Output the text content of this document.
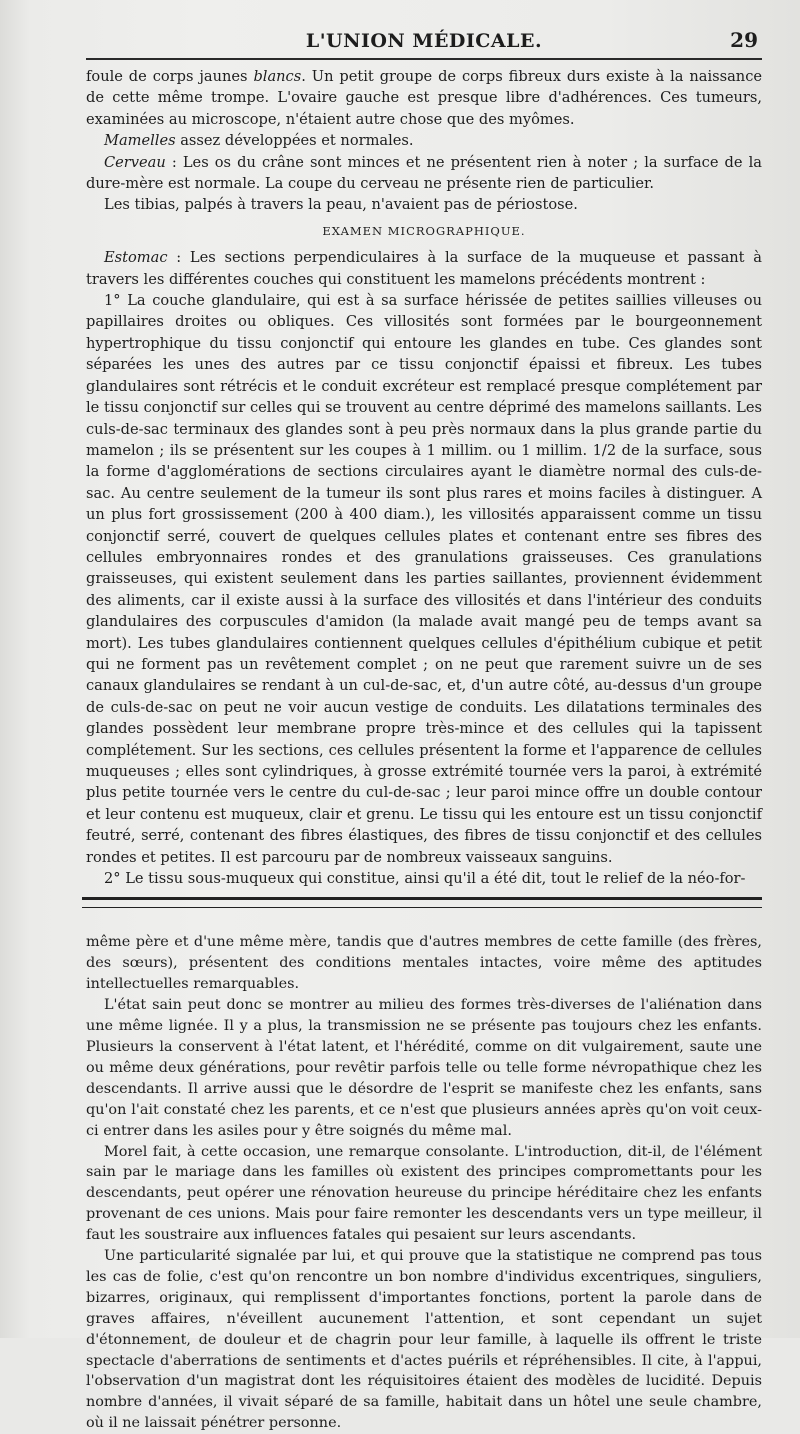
L'UNION MÉDICALE.	29

foule de corps jaunes blancs. Un petit groupe de corps fibreux durs existe à la naissance de cette même trompe. L'ovaire gauche est presque libre d'adhérences. Ces tumeurs, examinées au microscope, n'étaient autre chose que des myômes.

Mamelles assez développées et normales.

Cerveau : Les os du crâne sont minces et ne présentent rien à noter ; la surface de la dure-mère est normale. La coupe du cerveau ne présente rien de particulier.

Les tibias, palpés à travers la peau, n'avaient pas de périostose.

EXAMEN MICROGRAPHIQUE.

Estomac : Les sections perpendiculaires à la surface de la muqueuse et passant à travers les différentes couches qui constituent les mamelons précédents montrent :

1° La couche glandulaire, qui est à sa surface hérissée de petites saillies villeuses ou papillaires droites ou obliques. Ces villosités sont formées par le bourgeonnement hypertrophique du tissu conjonctif qui entoure les glandes en tube. Ces glandes sont séparées les unes des autres par ce tissu conjonctif épaissi et fibreux. Les tubes glandulaires sont rétrécis et le conduit excréteur est remplacé presque complétement par le tissu conjonctif sur celles qui se trouvent au centre déprimé des mamelons saillants. Les culs-de-sac terminaux des glandes sont à peu près normaux dans la plus grande partie du mamelon ; ils se présentent sur les coupes à 1 millim. ou 1 millim. 1/2 de la surface, sous la forme d'agglomérations de sections circulaires ayant le diamètre normal des culs-de-sac. Au centre seulement de la tumeur ils sont plus rares et moins faciles à distinguer. A un plus fort grossissement (200 à 400 diam.), les villosités apparaissent comme un tissu conjonctif serré, couvert de quelques cellules plates et contenant entre ses fibres des cellules embryonnaires rondes et des granulations graisseuses. Ces granulations graisseuses, qui existent seulement dans les parties saillantes, proviennent évidemment des aliments, car il existe aussi à la surface des villosités et dans l'intérieur des conduits glandulaires des corpuscules d'amidon (la malade avait mangé peu de temps avant sa mort). Les tubes glandulaires contiennent quelques cellules d'épithélium cubique et petit qui ne forment pas un revêtement complet ; on ne peut que rarement suivre un de ses canaux glandulaires se rendant à un cul-de-sac, et, d'un autre côté, au-dessus d'un groupe de culs-de-sac on peut ne voir aucun vestige de conduits. Les dilatations terminales des glandes possèdent leur membrane propre très-mince et des cellules qui la tapissent complétement. Sur les sections, ces cellules présentent la forme et l'apparence de cellules muqueuses ; elles sont cylindriques, à grosse extrémité tournée vers la paroi, à extrémité plus petite tournée vers le centre du cul-de-sac ; leur paroi mince offre un double contour et leur contenu est muqueux, clair et grenu. Le tissu qui les entoure est un tissu conjonctif feutré, serré, contenant des fibres élastiques, des fibres de tissu conjonctif et des cellules rondes et petites. Il est parcouru par de nombreux vaisseaux sanguins.

2° Le tissu sous-muqueux qui constitue, ainsi qu'il a été dit, tout le relief de la néo-for-

même père et d'une même mère, tandis que d'autres membres de cette famille (des frères, des sœurs), présentent des conditions mentales intactes, voire même des aptitudes intellectuelles remarquables.

L'état sain peut donc se montrer au milieu des formes très-diverses de l'aliénation dans une même lignée. Il y a plus, la transmission ne se présente pas toujours chez les enfants. Plusieurs la conservent à l'état latent, et l'hérédité, comme on dit vulgairement, saute une ou même deux générations, pour revêtir parfois telle ou telle forme névropathique chez les descendants. Il arrive aussi que le désordre de l'esprit se manifeste chez les enfants, sans qu'on l'ait constaté chez les parents, et ce n'est que plusieurs années après qu'on voit ceux-ci entrer dans les asiles pour y être soignés du même mal.

Morel fait, à cette occasion, une remarque consolante. L'introduction, dit-il, de l'élément sain par le mariage dans les familles où existent des principes compromettants pour les descendants, peut opérer une rénovation heureuse du principe héréditaire chez les enfants provenant de ces unions. Mais pour faire remonter les descendants vers un type meilleur, il faut les soustraire aux influences fatales qui pesaient sur leurs ascendants.

Une particularité signalée par lui, et qui prouve que la statistique ne comprend pas tous les cas de folie, c'est qu'on rencontre un bon nombre d'individus excentriques, singuliers, bizarres, originaux, qui remplissent d'importantes fonctions, portent la parole dans de graves affaires, n'éveillent aucunement l'attention, et sont cependant un sujet d'étonnement, de douleur et de chagrin pour leur famille, à laquelle ils offrent le triste spectacle d'aberrations de sentiments et d'actes puérils et répréhensibles. Il cite, à l'appui, l'observation d'un magistrat dont les réquisitoires étaient des modèles de lucidité. Depuis nombre d'années, il vivait séparé de sa famille, habitait dans un hôtel une seule chambre, où il ne laissait pénétrer personne.
